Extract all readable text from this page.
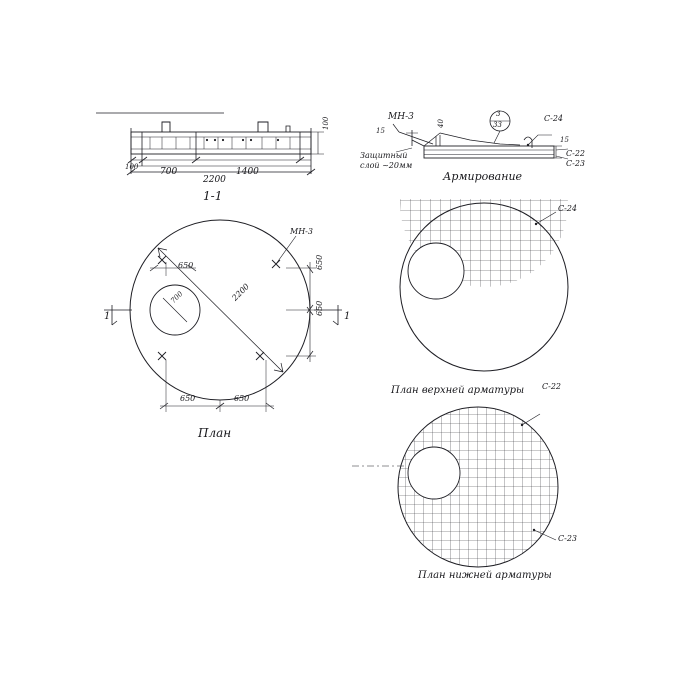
100 700	1400
2200
100
1-1
МН-3
15
40
15
3
33
С-24
С-22
С-23
Защитный
слой ~20мм
Армирование
МН-3
650
2200
700
650
650
650	650
1	1
План
С-24
План верхней арматуры С-22
С-23
План нижней арматуры
